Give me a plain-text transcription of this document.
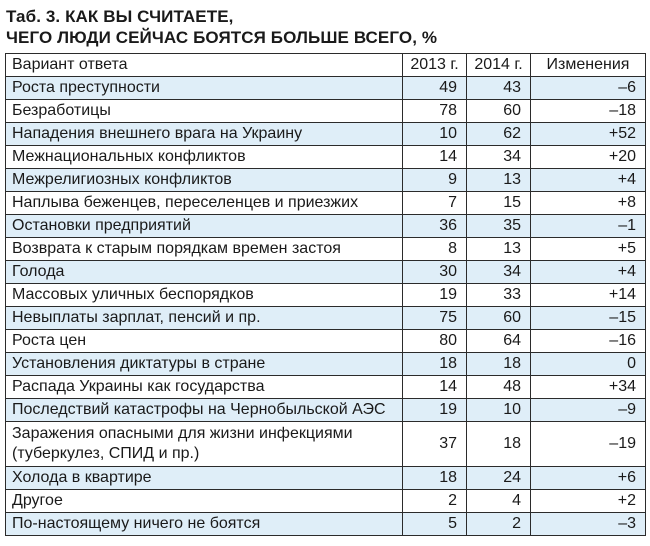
Таб. 3. КАК ВЫ СЧИТАЕТЕ,
ЧЕГО ЛЮДИ СЕЙЧАС БОЯТСЯ БОЛЬШЕ ВСЕГО, %
Вариант ответа	2013 г.	2014 г.	Изменения
Роста преступности	49	43	–6
Безработицы	78	60	–18
Нападения внешнего врага на Украину	10	62	+52
Межнациональных конфликтов	14	34	+20
Межрелигиозных конфликтов	9	13	+4
Наплыва беженцев, переселенцев и приезжих	7	15	+8
Остановки предприятий	36	35	–1
Возврата к старым порядкам времен застоя	8	13	+5
Голода	30	34	+4
Массовых уличных беспорядков	19	33	+14
Невыплаты зарплат, пенсий и пр.	75	60	–15
Роста цен	80	64	–16
Установления диктатуры в стране	18	18	0
Распада Украины как государства	14	48	+34
Последствий катастрофы на Чернобыльской АЭС	19	10	–9
Заражения опасными для жизни инфекциями (туберкулез, СПИД и пр.)	37	18	–19
Холода в квартире	18	24	+6
Другое	2	4	+2
По-настоящему ничего не боятся	5	2	–3
